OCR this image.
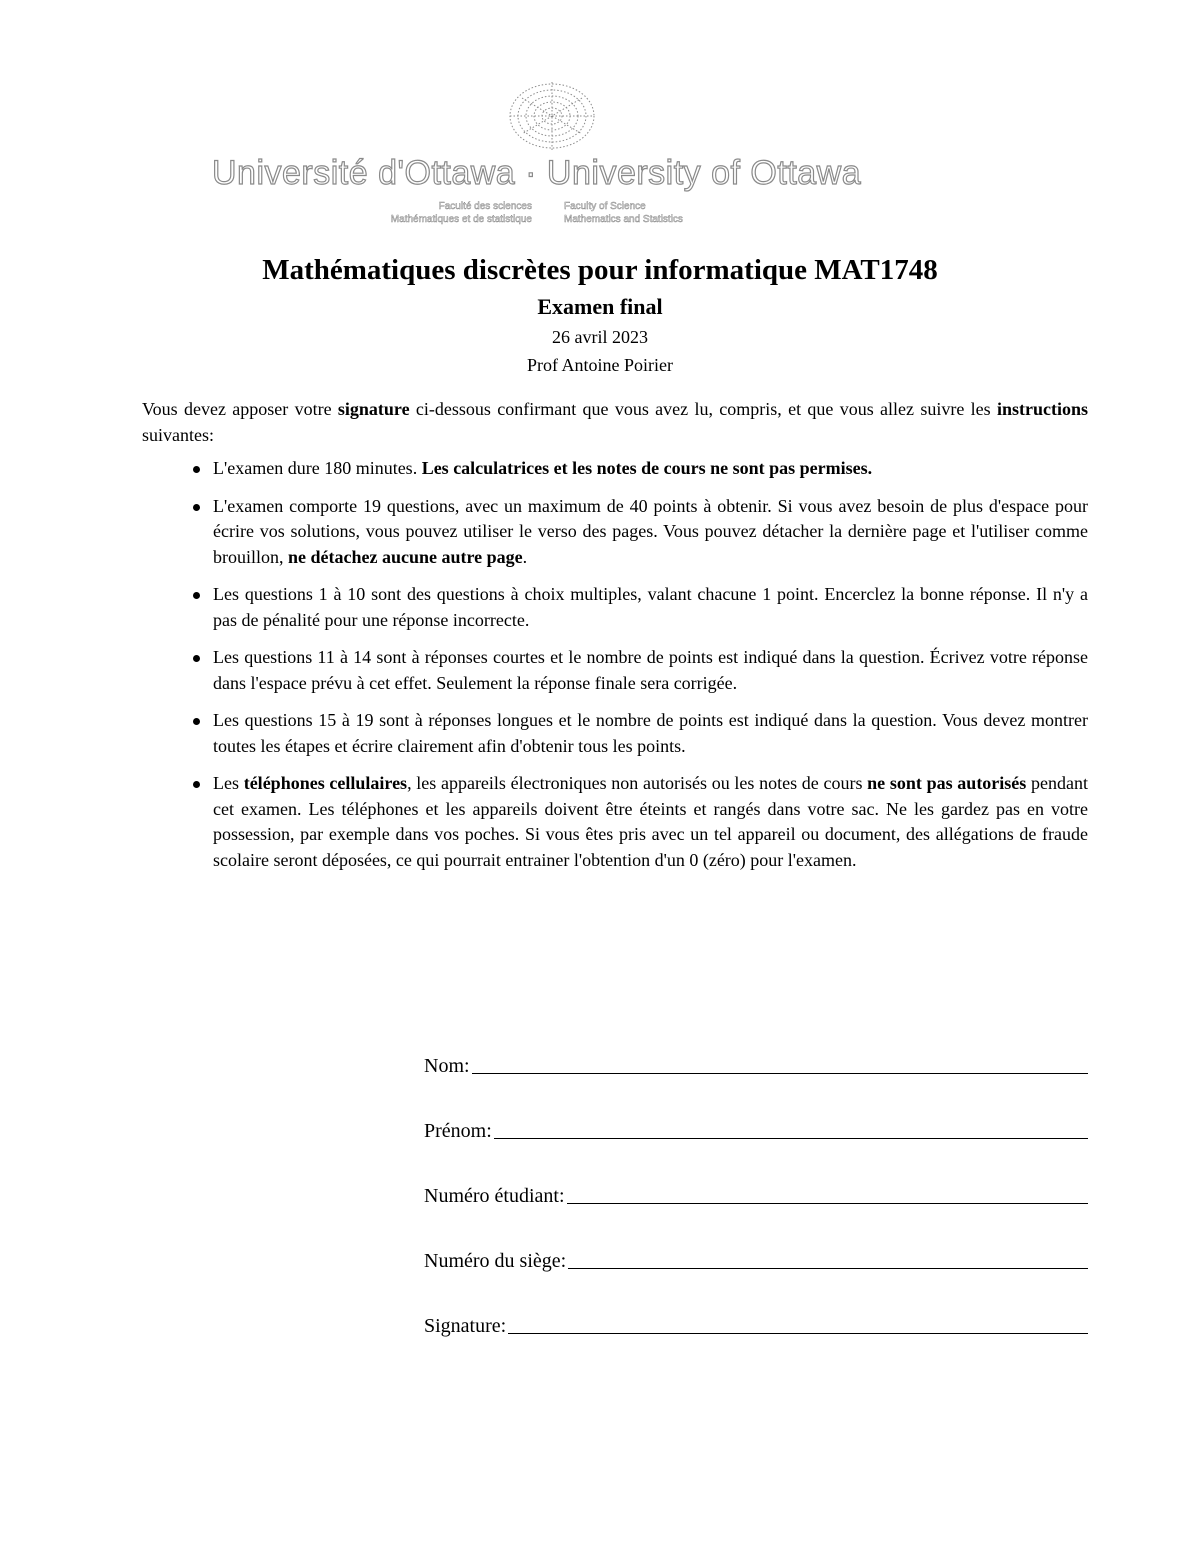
Université d'Ottawa · University of Ottawa
Faculté des sciences
Mathématiques et de statistique
Faculty of Science
Mathematics and Statistics
Mathématiques discrètes pour informatique MAT1748
Examen final
26 avril 2023
Prof Antoine Poirier
Vous devez apposer votre signature ci-dessous confirmant que vous avez lu, compris, et que vous allez suivre les instructions suivantes:
L'examen dure 180 minutes. Les calculatrices et les notes de cours ne sont pas permises.
L'examen comporte 19 questions, avec un maximum de 40 points à obtenir. Si vous avez besoin de plus d'espace pour écrire vos solutions, vous pouvez utiliser le verso des pages. Vous pouvez détacher la dernière page et l'utiliser comme brouillon, ne détachez aucune autre page.
Les questions 1 à 10 sont des questions à choix multiples, valant chacune 1 point. Encerclez la bonne réponse. Il n'y a pas de pénalité pour une réponse incorrecte.
Les questions 11 à 14 sont à réponses courtes et le nombre de points est indiqué dans la question. Écrivez votre réponse dans l'espace prévu à cet effet. Seulement la réponse finale sera corrigée.
Les questions 15 à 19 sont à réponses longues et le nombre de points est indiqué dans la question. Vous devez montrer toutes les étapes et écrire clairement afin d'obtenir tous les points.
Les téléphones cellulaires, les appareils électroniques non autorisés ou les notes de cours ne sont pas autorisés pendant cet examen. Les téléphones et les appareils doivent être éteints et rangés dans votre sac. Ne les gardez pas en votre possession, par exemple dans vos poches. Si vous êtes pris avec un tel appareil ou document, des allégations de fraude scolaire seront déposées, ce qui pourrait entrainer l'obtention d'un 0 (zéro) pour l'examen.
Nom:
Prénom:
Numéro étudiant:
Numéro du siège:
Signature:
